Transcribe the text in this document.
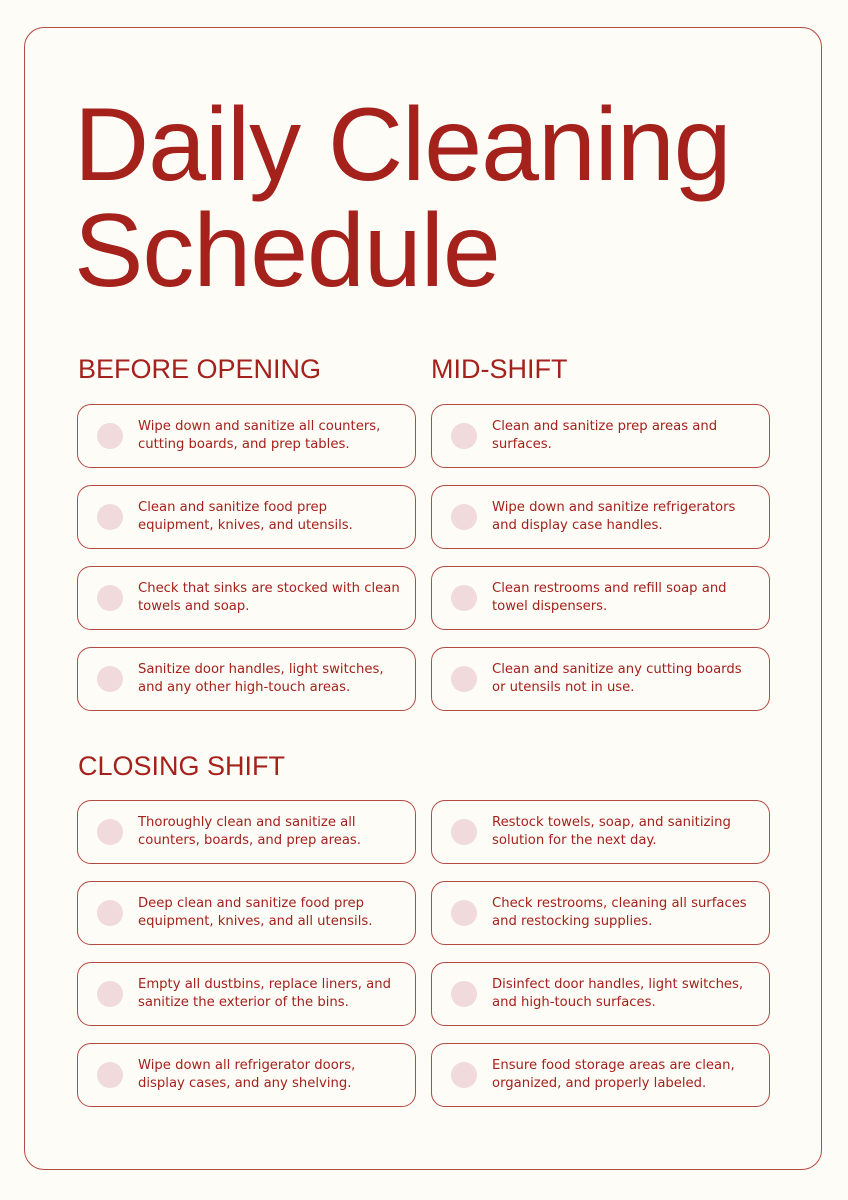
Daily Cleaning
Schedule
BEFORE OPENING
Wipe down and sanitize all counters, cutting boards, and prep tables.
Clean and sanitize food prep equipment, knives, and utensils.
Check that sinks are stocked with clean towels and soap.
Sanitize door handles, light switches, and any other high-touch areas.
MID-SHIFT
Clean and sanitize prep areas and surfaces.
Wipe down and sanitize refrigerators and display case handles.
Clean restrooms and refill soap and towel dispensers.
Clean and sanitize any cutting boards or utensils not in use.
CLOSING SHIFT
Thoroughly clean and sanitize all counters, boards, and prep areas.
Deep clean and sanitize food prep equipment, knives, and all utensils.
Empty all dustbins, replace liners, and sanitize the exterior of the bins.
Wipe down all refrigerator doors, display cases, and any shelving.
Restock towels, soap, and sanitizing solution for the next day.
Check restrooms, cleaning all surfaces and restocking supplies.
Disinfect door handles, light switches, and high-touch surfaces.
Ensure food storage areas are clean, organized, and properly labeled.
